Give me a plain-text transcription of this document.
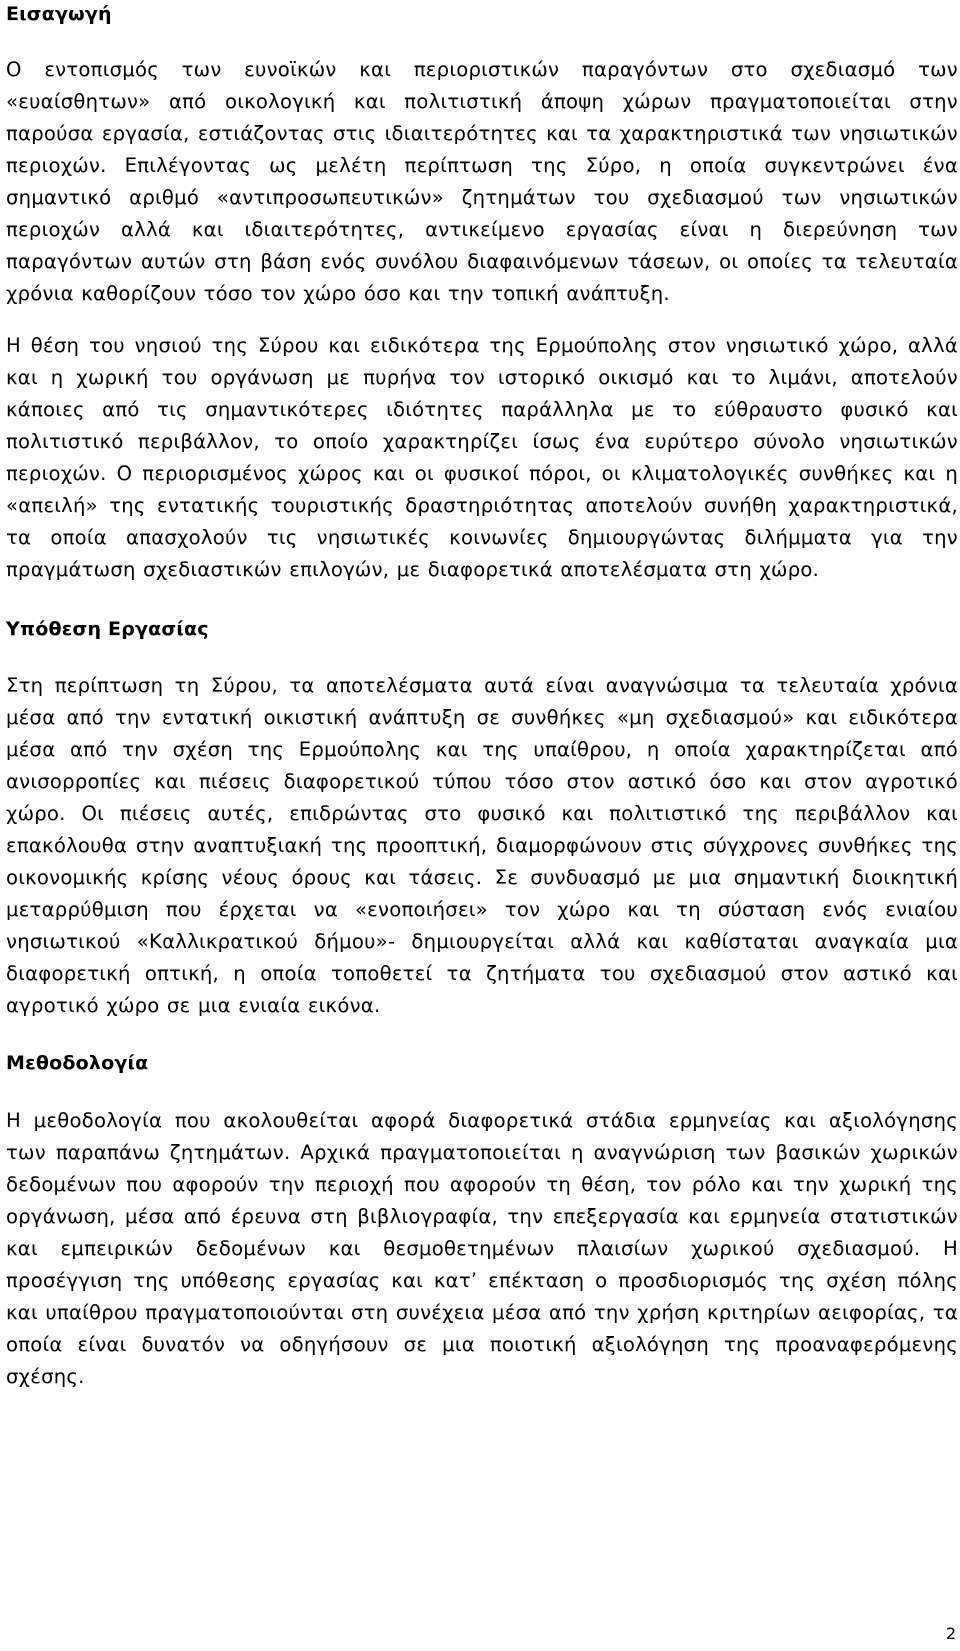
Εισαγωγή

Ο εντοπισμός των ευνοϊκών και περιοριστικών παραγόντων στο σχεδιασμό των «ευαίσθητων» από οικολογική και πολιτιστική άποψη χώρων πραγματοποιείται στην παρούσα εργασία, εστιάζοντας στις ιδιαιτερότητες και τα χαρακτηριστικά των νησιωτικών περιοχών. Επιλέγοντας ως μελέτη περίπτωση της Σύρο, η οποία συγκεντρώνει ένα σημαντικό αριθμό «αντιπροσωπευτικών» ζητημάτων του σχεδιασμού των νησιωτικών περιοχών αλλά και ιδιαιτερότητες, αντικείμενο εργασίας είναι η διερεύνηση των παραγόντων αυτών στη βάση ενός συνόλου διαφαινόμενων τάσεων, οι οποίες τα τελευταία χρόνια καθορίζουν τόσο τον χώρο όσο και την τοπική ανάπτυξη.

Η θέση του νησιού της Σύρου και ειδικότερα της Ερμούπολης στον νησιωτικό χώρο, αλλά και η χωρική του οργάνωση με πυρήνα τον ιστορικό οικισμό και το λιμάνι, αποτελούν κάποιες από τις σημαντικότερες ιδιότητες παράλληλα με το εύθραυστο φυσικό και πολιτιστικό περιβάλλον, το οποίο χαρακτηρίζει ίσως ένα ευρύτερο σύνολο νησιωτικών περιοχών. Ο περιορισμένος χώρος και οι φυσικοί πόροι, οι κλιματολογικές συνθήκες και η «απειλή» της εντατικής τουριστικής δραστηριότητας αποτελούν συνήθη χαρακτηριστικά, τα οποία απασχολούν τις νησιωτικές κοινωνίες δημιουργώντας διλήμματα για την πραγμάτωση σχεδιαστικών επιλογών, με διαφορετικά αποτελέσματα στη χώρο.

Υπόθεση Εργασίας

Στη περίπτωση τη Σύρου, τα αποτελέσματα αυτά είναι αναγνώσιμα τα τελευταία χρόνια μέσα από την εντατική οικιστική ανάπτυξη σε συνθήκες «μη σχεδιασμού» και ειδικότερα μέσα από την σχέση της Ερμούπολης και της υπαίθρου, η οποία χαρακτηρίζεται από ανισορροπίες και πιέσεις διαφορετικού τύπου τόσο στον αστικό όσο και στον αγροτικό χώρο. Οι πιέσεις αυτές, επιδρώντας στο φυσικό και πολιτιστικό της περιβάλλον και επακόλουθα στην αναπτυξιακή της προοπτική, διαμορφώνουν στις σύγχρονες συνθήκες της οικονομικής κρίσης νέους όρους και τάσεις. Σε συνδυασμό με μια σημαντική διοικητική μεταρρύθμιση που έρχεται να «ενοποιήσει» τον χώρο και τη σύσταση ενός ενιαίου νησιωτικού «Καλλικρατικού δήμου»- δημιουργείται αλλά και καθίσταται αναγκαία μια διαφορετική οπτική, η οποία τοποθετεί τα ζητήματα του σχεδιασμού στον αστικό και αγροτικό χώρο σε μια ενιαία εικόνα.

Μεθοδολογία

Η μεθοδολογία που ακολουθείται αφορά διαφορετικά στάδια ερμηνείας και αξιολόγησης των παραπάνω ζητημάτων. Αρχικά πραγματοποιείται η αναγνώριση των βασικών χωρικών δεδομένων που αφορούν την περιοχή που αφορούν τη θέση, τον ρόλο και την χωρική της οργάνωση, μέσα από έρευνα στη βιβλιογραφία, την επεξεργασία και ερμηνεία στατιστικών και εμπειρικών δεδομένων και θεσμοθετημένων πλαισίων χωρικού σχεδιασμού. Η προσέγγιση της υπόθεσης εργασίας και κατ’ επέκταση ο προσδιορισμός της σχέση πόλης και υπαίθρου πραγματοποιούνται στη συνέχεια μέσα από την χρήση κριτηρίων αειφορίας, τα οποία είναι δυνατόν να οδηγήσουν σε μια ποιοτική αξιολόγηση της προαναφερόμενης σχέσης.

2
